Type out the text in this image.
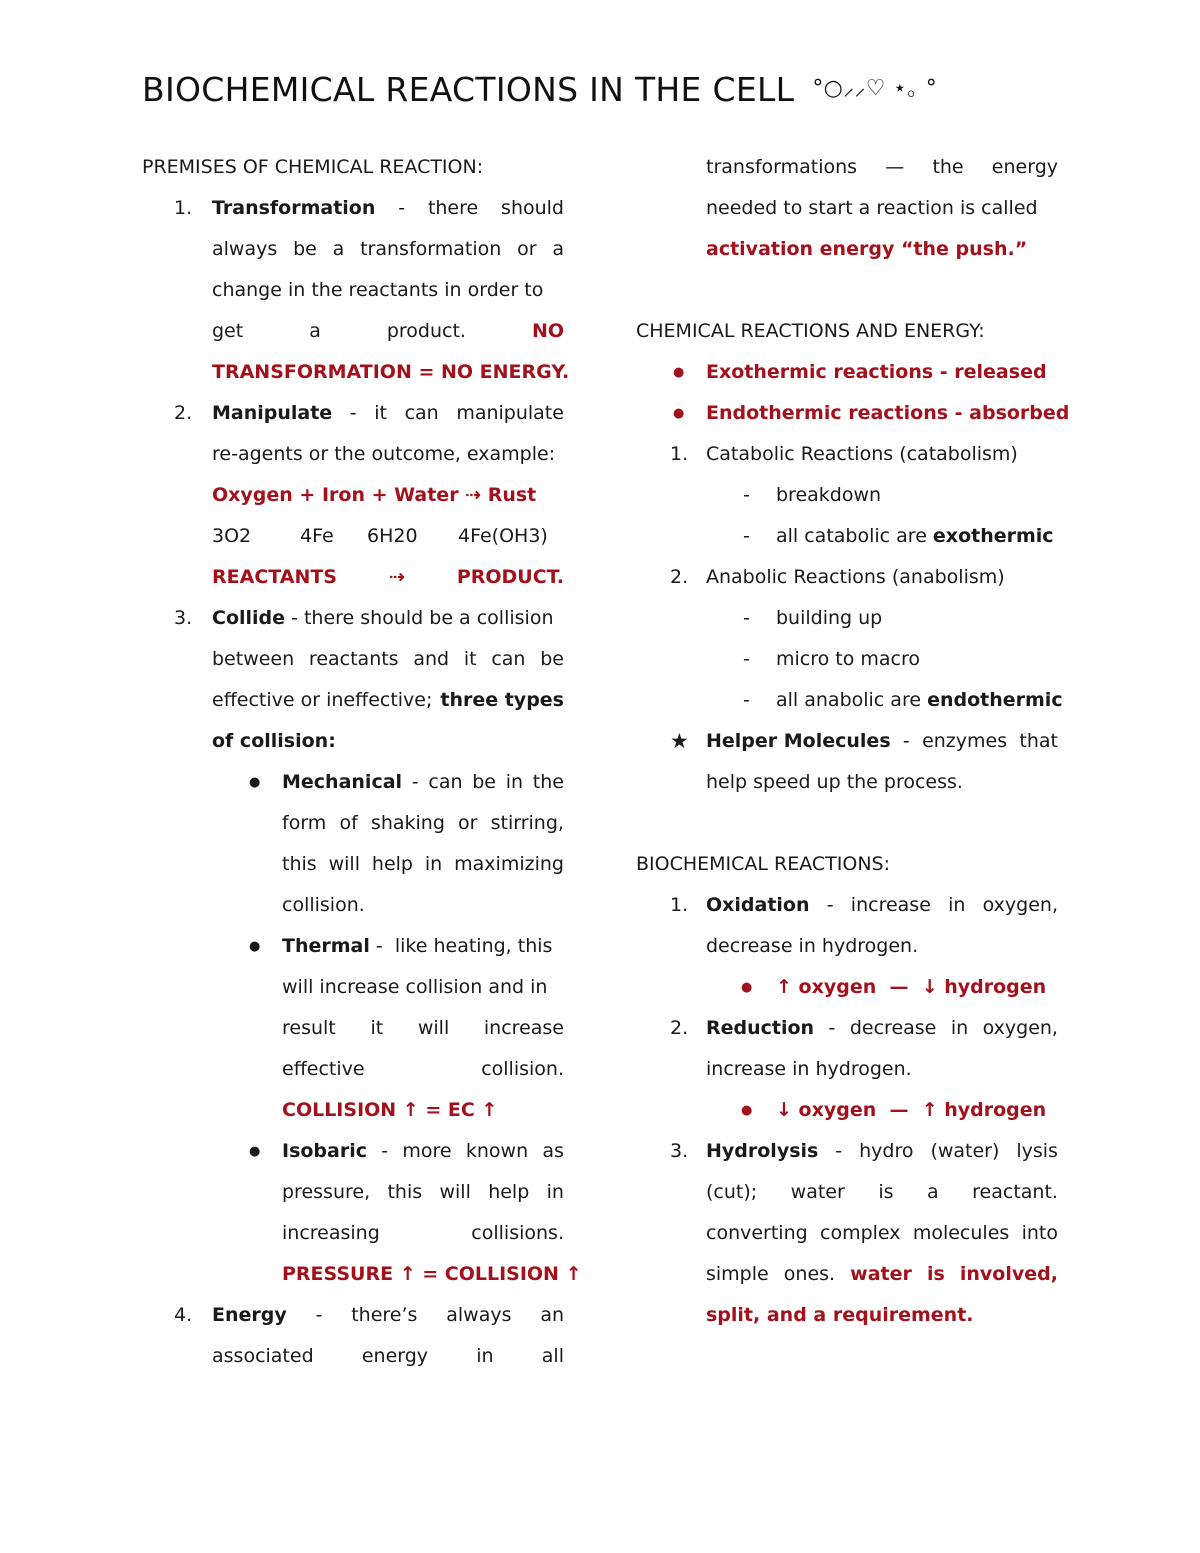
BIOCHEMICAL REACTIONS IN THE CELL °○⸝⸝♡ ⋆｡ °
PREMISES OF CHEMICAL REACTION:
1.	Transformation - there should
always be a transformation or a
change in the reactants in order to
get	a	product.	NO
TRANSFORMATION = NO ENERGY.
2.	Manipulate - it can manipulate
re-agents or the outcome, example:
Oxygen + Iron + Water ⇢ Rust
3O2	4Fe 6H20 4Fe(OH3)
REACTANTS	⇢	PRODUCT.
3.	Collide - there should be a collision
between reactants and it can be
effective or ineffective; three types
of collision:
● Mechanical - can be in the
form of shaking or stirring,
this will help in maximizing
collision.
● Thermal -  like heating, this
will increase collision and in
result it will increase
effective	collision.
COLLISION ↑ = EC ↑
● Isobaric - more known as
pressure, this will help in
increasing	collisions.
PRESSURE ↑ = COLLISION ↑
4.	Energy - there’s always an
associated	energy	in	all
transformations — the energy
needed to start a reaction is called
activation energy “the push.”
CHEMICAL REACTIONS AND ENERGY:
● Exothermic reactions - released
● Endothermic reactions - absorbed
1. Catabolic Reactions (catabolism)
- breakdown
- all catabolic are exothermic
2. Anabolic Reactions (anabolism)
- building up
- micro to macro
- all anabolic are endothermic
★ Helper Molecules - enzymes that
help speed up the process.
BIOCHEMICAL REACTIONS:
1. Oxidation - increase in oxygen,
decrease in hydrogen.
● ↑ oxygen  —  ↓ hydrogen
2. Reduction - decrease in oxygen,
increase in hydrogen.
● ↓ oxygen  —  ↑ hydrogen
3. Hydrolysis - hydro (water) lysis
(cut); water is a reactant.
converting complex molecules into
simple ones. water is involved,
split, and a requirement.
